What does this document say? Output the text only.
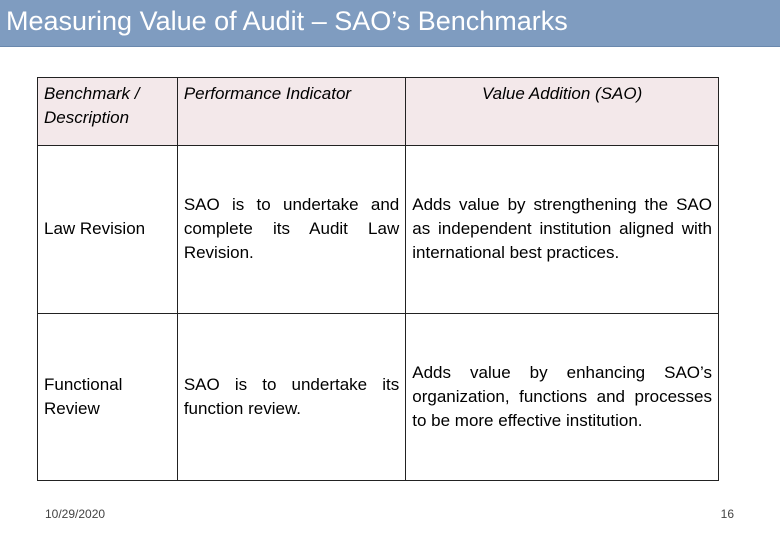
Measuring Value of Audit – SAO’s Benchmarks
Benchmark / Description	Performance Indicator	Value Addition (SAO)
Law Revision	SAO is to undertake and complete its Audit Law Revision.	Adds value by strengthening the SAO as independent institution aligned with international best practices.
Functional Review	SAO is to undertake its function review.	Adds value by enhancing SAO’s organization, functions and processes to be more effective institution.
10/29/2020	16
